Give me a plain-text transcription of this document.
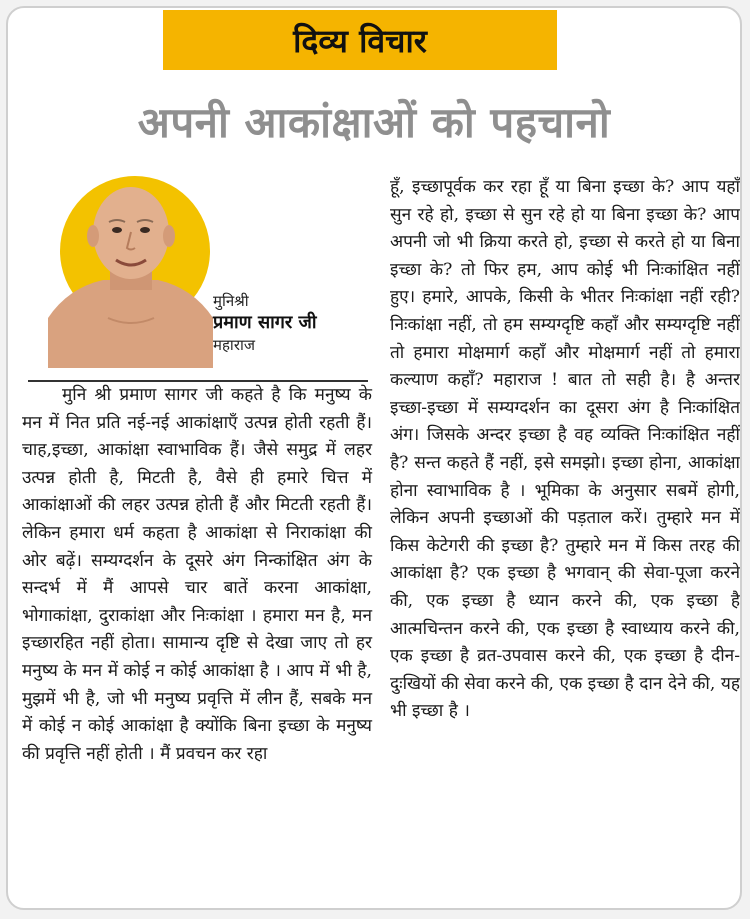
दिव्य विचार
अपनी आकांक्षाओं को पहचानो
मुनिश्री
प्रमाण सागर जी
महाराज

मुनि श्री प्रमाण सागर जी कहते है कि मनुष्य के मन में नित प्रति नई-नई आकांक्षाएँ उत्पन्न होती रहती हैं। चाह,इच्छा, आकांक्षा स्वाभाविक हैं। जैसे समुद्र में लहर उत्पन्न होती है, मिटती है, वैसे ही हमारे चित्त में आकांक्षाओं की लहर उत्पन्न होती हैं और मिटती रहती हैं। लेकिन हमारा धर्म कहता है आकांक्षा से निराकांक्षा की ओर बढ़ें। सम्यग्दर्शन के दूसरे अंग निन्कांक्षित अंग के सन्दर्भ में मैं आपसे चार बातें करना आकांक्षा, भोगाकांक्षा, दुराकांक्षा और निःकांक्षा । हमारा मन है, मन इच्छारहित नहीं होता। सामान्य दृष्टि से देखा जाए तो हर मनुष्य के मन में कोई न कोई आकांक्षा है । आप में भी है, मुझमें भी है, जो भी मनुष्य प्रवृत्ति में लीन हैं, सबके मन में कोई न कोई आकांक्षा है क्योंकि बिना इच्छा के मनुष्य की प्रवृत्ति नहीं होती । मैं प्रवचन कर रहा

हूँ, इच्छापूर्वक कर रहा हूँ या बिना इच्छा के? आप यहाँ सुन रहे हो, इच्छा से सुन रहे हो या बिना इच्छा के? आप अपनी जो भी क्रिया करते हो, इच्छा से करते हो या बिना इच्छा के? तो फिर हम, आप कोई भी निःकांक्षित नहीं हुए। हमारे, आपके, किसी के भीतर निःकांक्षा नहीं रही? निःकांक्षा नहीं, तो हम सम्यग्दृष्टि कहाँ और सम्यग्दृष्टि नहीं तो हमारा मोक्षमार्ग कहाँ और मोक्षमार्ग नहीं तो हमारा कल्याण कहाँ? महाराज ! बात तो सही है। है अन्तर इच्छा-इच्छा में सम्यग्दर्शन का दूसरा अंग है निःकांक्षित अंग। जिसके अन्दर इच्छा है वह व्यक्ति निःकांक्षित नहीं है? सन्त कहते हैं नहीं, इसे समझो। इच्छा होना, आकांक्षा होना स्वाभाविक है । भूमिका के अनुसार सबमें होगी, लेकिन अपनी इच्छाओं की पड़ताल करें। तुम्हारे मन में किस केटेगरी की इच्छा है? तुम्हारे मन में किस तरह की आकांक्षा है? एक इच्छा है भगवान् की सेवा-पूजा करने की, एक इच्छा है ध्यान करने की, एक इच्छा है आत्मचिन्तन करने की, एक इच्छा है स्वाध्याय करने की, एक इच्छा है व्रत-उपवास करने की, एक इच्छा है दीन-दुःखियों की सेवा करने की, एक इच्छा है दान देने की, यह भी इच्छा है ।
